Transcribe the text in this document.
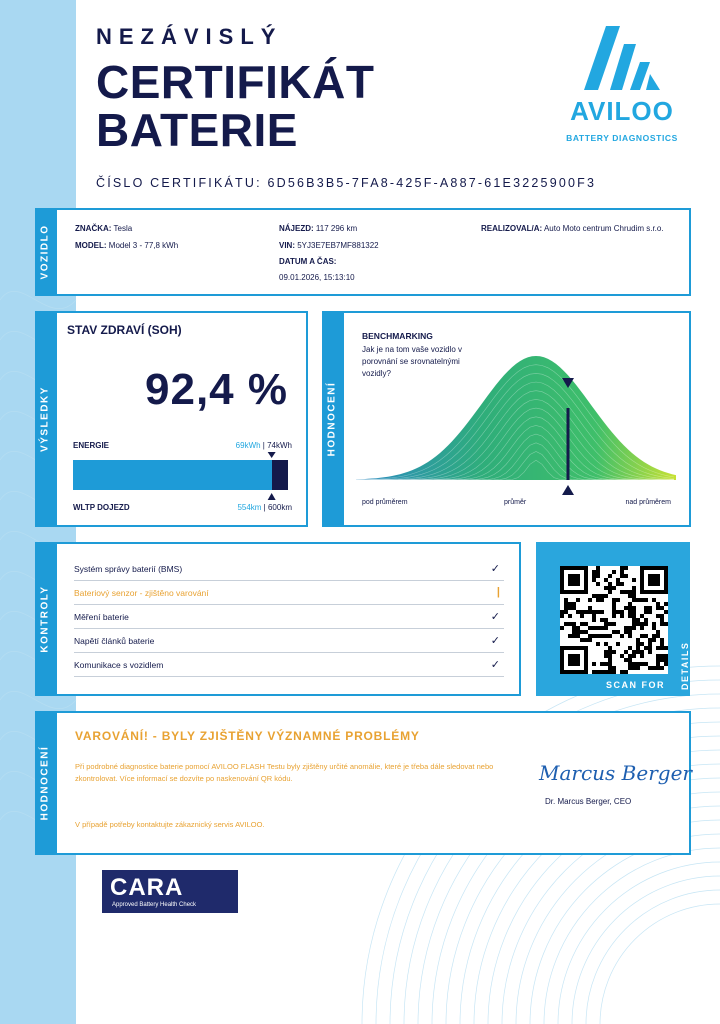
NEZÁVISLÝ
CERTIFIKÁT
BATERIE
ČÍSLO CERTIFIKÁTU: 6D56B3B5-7FA8-425F-A887-61E3225900F3
AVILOO
BATTERY DIAGNOSTICS
VOZIDLO	ZNAČKA: Tesla
MODEL: Model 3 - 77,8 kWh
NÁJEZD: 117 296 km
VIN: 5YJ3E7EB7MF881322
DATUM A ČAS:
09.01.2026, 15:13:10
REALIZOVAL/A: Auto Moto centrum Chrudim s.r.o.
VÝSLEDKY
STAV ZDRAVÍ (SOH)
92,4 %
ENERGIE	69kWh | 74kWh
WLTP DOJEZD	554km | 600km
HODNOCENÍ
BENCHMARKING
Jak je na tom vaše vozidlo v porovnání se srovnatelnými vozidly?
pod průměrem	průměr	nad průměrem
KONTROLY
Systém správy baterií (BMS)	✓
Bateriový senzor - zjištěno varování	|
Měření baterie	✓
Napětí článků baterie	✓
Komunikace s vozidlem	✓
SCAN FOR DETAILS
HODNOCENÍ
VAROVÁNÍ! - BYLY ZJIŠTĚNY VÝZNAMNÉ PROBLÉMY
Při podrobné diagnostice baterie pomocí AVILOO FLASH Testu byly zjištěny určité anomálie, které je třeba dále sledovat nebo zkontrolovat. Více informací se dozvíte po naskenování QR kódu.
V případě potřeby kontaktujte zákaznický servis AVILOO.
Marcus Berger
Dr. Marcus Berger, CEO
CARA
Approved Battery Health Check
